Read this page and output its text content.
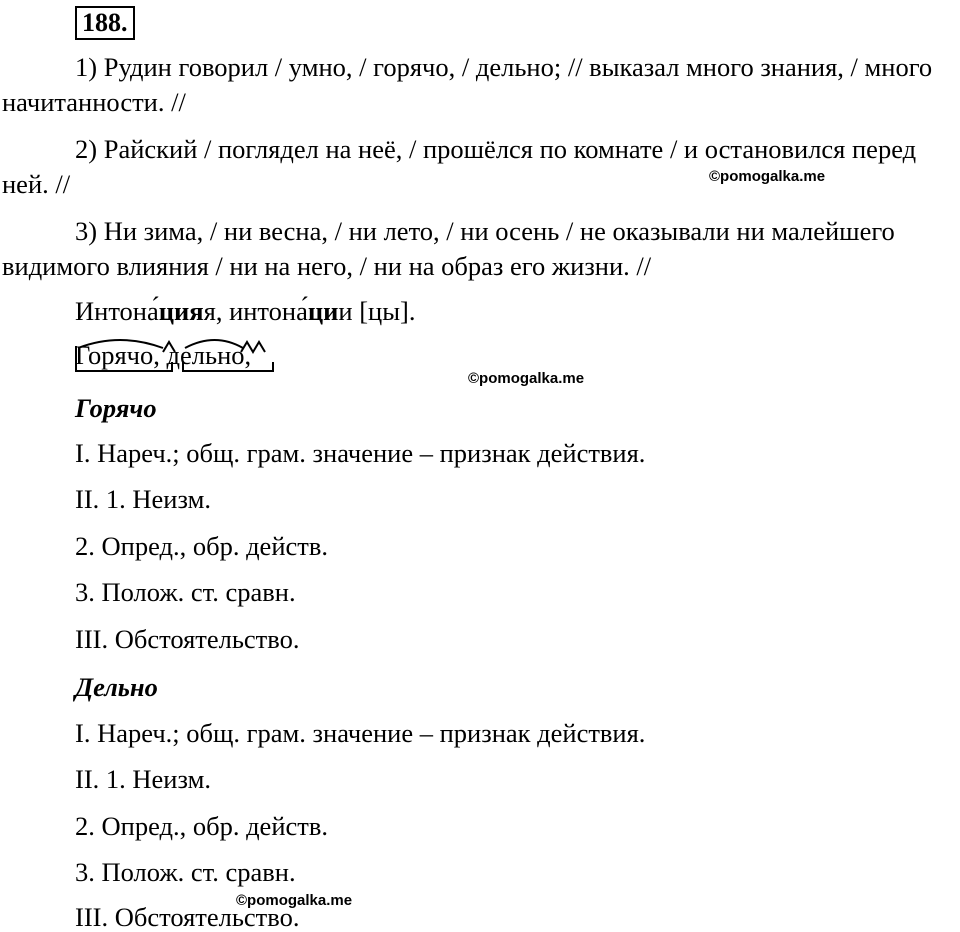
188.

1) Рудин говорил / умно, / горячо, / дельно; // выказал много знания, / много начитанности. //

2) Райский / поглядел на неё, / прошёлся по комнате / и остановился перед ней. //	©pomogalka.me

3) Ни зима, / ни весна, / ни лето, / ни осень / не оказывали ни малейшего видимого влияния / ни на него, / ни на образ его жизни. //

Интона́цияя, интона́ции [цы].

Горячо, дельно,
©pomogalka.me

Горячо

I. Нареч.; общ. грам. значение – признак действия.

II. 1. Неизм.

2. Опред., обр. действ.

3. Полож. ст. сравн.

III. Обстоятельство.

Дельно

I. Нареч.; общ. грам. значение – признак действия.

II. 1. Неизм.

2. Опред., обр. действ.

3. Полож. ст. сравн.

©pomogalka.me

III. Обстоятельство.
